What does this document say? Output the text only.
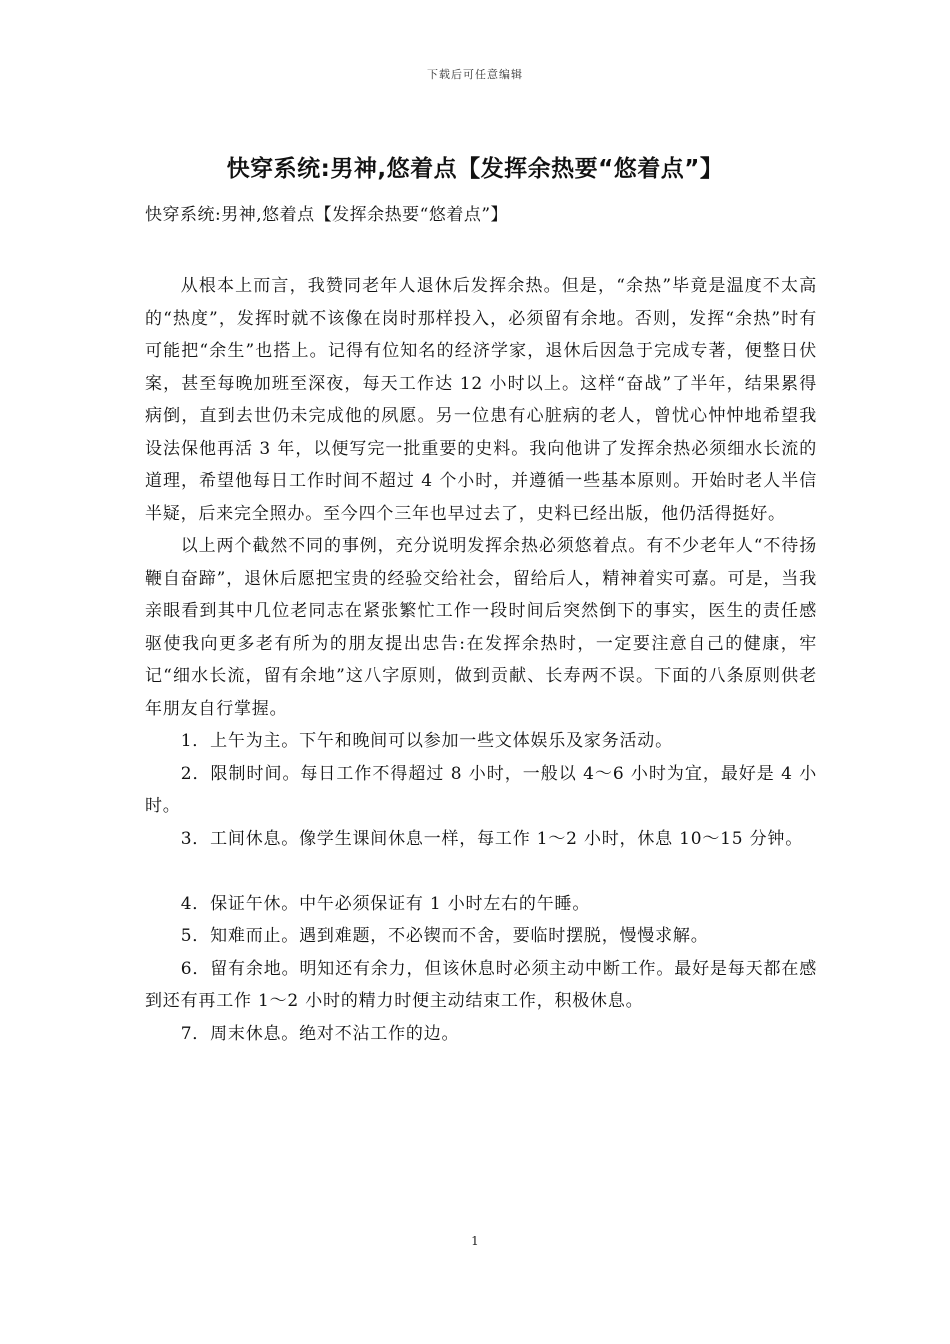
下载后可任意编辑
快穿系统:男神,悠着点【发挥余热要“悠着点”】
快穿系统:男神,悠着点【发挥余热要“悠着点”】

从根本上而言，我赞同老年人退休后发挥余热。但是，“余热”毕竟是温度不太高的“热度”，发挥时就不该像在岗时那样投入，必须留有余地。否则，发挥“余热”时有可能把“余生”也搭上。记得有位知名的经济学家，退休后因急于完成专著，便整日伏案，甚至每晚加班至深夜，每天工作达 12 小时以上。这样“奋战”了半年，结果累得病倒，直到去世仍未完成他的夙愿。另一位患有心脏病的老人，曾忧心忡忡地希望我设法保他再活 3 年，以便写完一批重要的史料。我向他讲了发挥余热必须细水长流的道理，希望他每日工作时间不超过 4 个小时，并遵循一些基本原则。开始时老人半信半疑，后来完全照办。至今四个三年也早过去了，史料已经出版，他仍活得挺好。

以上两个截然不同的事例，充分说明发挥余热必须悠着点。有不少老年人“不待扬鞭自奋蹄”，退休后愿把宝贵的经验交给社会，留给后人，精神着实可嘉。可是，当我亲眼看到其中几位老同志在紧张繁忙工作一段时间后突然倒下的事实，医生的责任感驱使我向更多老有所为的朋友提出忠告:在发挥余热时，一定要注意自己的健康，牢记“细水长流，留有余地”这八字原则，做到贡献、长寿两不误。下面的八条原则供老年朋友自行掌握。

1．上午为主。下午和晚间可以参加一些文体娱乐及家务活动。

2．限制时间。每日工作不得超过 8 小时，一般以 4～6 小时为宜，最好是 4 小时。

3．工间休息。像学生课间休息一样，每工作 1～2 小时，休息 10～15 分钟。

4．保证午休。中午必须保证有 1 小时左右的午睡。

5．知难而止。遇到难题，不必锲而不舍，要临时摆脱，慢慢求解。

6．留有余地。明知还有余力，但该休息时必须主动中断工作。最好是每天都在感到还有再工作 1～2 小时的精力时便主动结束工作，积极休息。

7．周末休息。绝对不沾工作的边。

1
